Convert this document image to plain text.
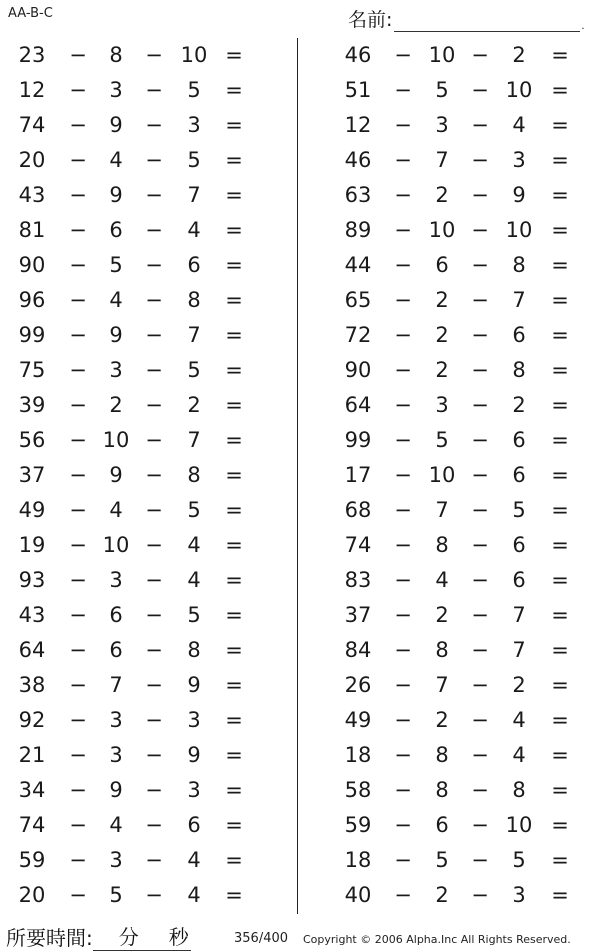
AA-B-C	名前:	.
23	−	8	− 10 =
12	−	3	−	5	=
74	−	9	−	3	=
20	−	4	−	5	=
43	−	9	−	7	=
81	−	6	−	4	=
90	−	5	−	6	=
96	−	4	−	8	=
99	−	9	−	7	=
75	−	3	−	5	=
39	−	2	−	2	=
56	− 10 −	7	=
37	−	9	−	8	=
49	−	4	−	5	=
19	− 10 −	4	=
93	−	3	−	4	=
43	−	6	−	5	=
64	−	6	−	8	=
38	−	7	−	9	=
92	−	3	−	3	=
21	−	3	−	9	=
34	−	9	−	3	=
74	−	4	−	6	=
59	−	3	−	4	=
20	−	5	−	4	=
46	− 10 −	2	=
51	−	5	− 10 =
12	−	3	−	4	=
46	−	7	−	3	=
63	−	2	−	9	=
89	− 10 − 10 =
44	−	6	−	8	=
65	−	2	−	7	=
72	−	2	−	6	=
90	−	2	−	8	=
64	−	3	−	2	=
99	−	5	−	6	=
17	− 10 −	6	=
68	−	7	−	5	=
74	−	8	−	6	=
83	−	4	−	6	=
37	−	2	−	7	=
84	−	8	−	7	=
26	−	7	−	2	=
49	−	2	−	4	=
18	−	8	−	4	=
58	−	8	−	8	=
59	−	6	− 10 =
18	−	5	−	5	=
40	−	2	−	3	=
所要時間: 分 秒	356/400 Copyright © 2006 Alpha.Inc All Rights Reserved.
